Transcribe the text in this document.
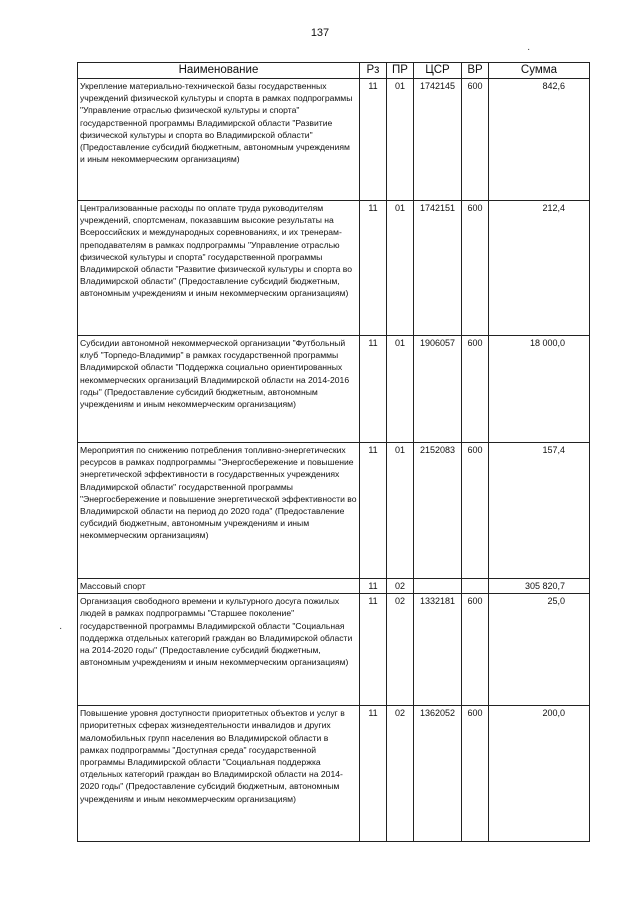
137
·
·
Наименование	Рз	ПР	ЦСР	ВР	Сумма
Укрепление материально-технической базы государственных учреждений физической культуры и спорта в рамках подпрограммы "Управление отраслью физической культуры и спорта" государственной программы Владимирской области "Развитие физической культуры и спорта во Владимирской области" (Предоставление субсидий бюджетным, автономным учреждениям и иным некоммерческим организациям)	11	01	1742145	600	842,6
Централизованные расходы по оплате труда руководителям учреждений, спортсменам, показавшим высокие результаты на Всероссийских и международных соревнованиях, и их тренерам-преподавателям в рамках подпрограммы "Управление отраслью физической культуры и спорта" государственной программы Владимирской области "Развитие физической культуры и спорта во Владимирской области" (Предоставление субсидий бюджетным, автономным учреждениям и иным некоммерческим организациям)	11	01	1742151	600	212,4
Субсидии автономной некоммерческой организации "Футбольный клуб "Торпедо-Владимир" в рамках государственной программы Владимирской области "Поддержка социально ориентированных некоммерческих организаций Владимирской области на 2014-2016 годы" (Предоставление субсидий бюджетным, автономным учреждениям и иным некоммерческим организациям)	11	01	1906057	600	18 000,0
Мероприятия по снижению потребления топливно-энергетических ресурсов в рамках подпрограммы "Энергосбережение и повышение энергетической эффективности в государственных учреждениях Владимирской области" государственной программы "Энергосбережение и повышение энергетической эффективности во Владимирской области на период до 2020 года" (Предоставление субсидий бюджетным, автономным учреждениям и иным некоммерческим организациям)	11	01	2152083	600	157,4
Массовый спорт	11	02			305 820,7
Организация свободного времени и культурного досуга пожилых людей в рамках подпрограммы "Старшее поколение" государственной программы Владимирской области "Социальная поддержка отдельных категорий граждан во Владимирской области на 2014-2020 годы" (Предоставление субсидий бюджетным, автономным учреждениям и иным некоммерческим организациям)	11	02	1332181	600	25,0
Повышение уровня доступности приоритетных объектов и услуг в приоритетных сферах жизнедеятельности инвалидов и других маломобильных групп населения во Владимирской области в рамках подпрограммы "Доступная среда" государственной программы Владимирской области "Социальная поддержка отдельных категорий граждан во Владимирской области на 2014-2020 годы" (Предоставление субсидий бюджетным, автономным учреждениям и иным некоммерческим организациям)	11	02	1362052	600	200,0
